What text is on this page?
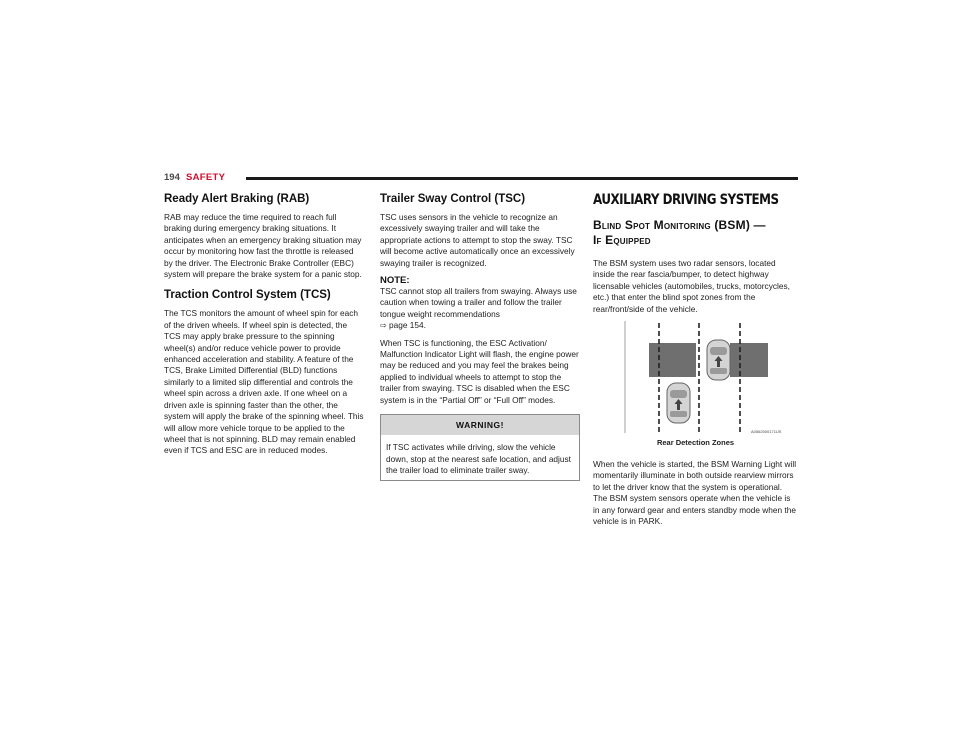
194 SAFETY
Ready Alert Braking (RAB)

RAB may reduce the time required to reach full braking during emergency braking situations. It anticipates when an emergency braking situation may occur by monitoring how fast the throttle is released by the driver. The Electronic Brake Controller (EBC) system will prepare the brake system for a panic stop.

Traction Control System (TCS)

The TCS monitors the amount of wheel spin for each of the driven wheels. If wheel spin is detected, the TCS may apply brake pressure to the spinning wheel(s) and/or reduce vehicle power to provide enhanced acceleration and stability. A feature of the TCS, Brake Limited Differential (BLD) functions similarly to a limited slip differential and controls the wheel spin across a driven axle. If one wheel on a driven axle is spinning faster than the other, the system will apply the brake of the spinning wheel. This will allow more vehicle torque to be applied to the wheel that is not spinning. BLD may remain enabled even if TCS and ESC are in reduced modes.

Trailer Sway Control (TSC)

TSC uses sensors in the vehicle to recognize an excessively swaying trailer and will take the appropriate actions to attempt to stop the sway. TSC will become active automatically once an excessively swaying trailer is recognized.

NOTE:

TSC cannot stop all trailers from swaying. Always use caution when towing a trailer and follow the trailer tongue weight recommendations
⇨ page 154.

When TSC is functioning, the ESC Activation/ Malfunction Indicator Light will flash, the engine power may be reduced and you may feel the brakes being applied to individual wheels to attempt to stop the trailer from swaying. TSC is disabled when the ESC system is in the “Partial Off” or “Full Off” modes.

WARNING!

If TSC activates while driving, slow the vehicle down, stop at the nearest safe location, and adjust the trailer load to eliminate trailer sway.

AUXILIARY DRIVING SYSTEMS
Blind Spot Monitoring (BSM) —
If Equipped

The BSM system uses two radar sensors, located inside the rear fascia/bumper, to detect highway licensable vehicles (automobiles, trucks, motorcycles, etc.) that enter the blind spot zones from the rear/front/side of the vehicle.

A0562000171US
Rear Detection Zones

When the vehicle is started, the BSM Warning Light will momentarily illuminate in both outside rearview mirrors to let the driver know that the system is operational. The BSM system sensors operate when the vehicle is in any forward gear and enters standby mode when the vehicle is in PARK.
